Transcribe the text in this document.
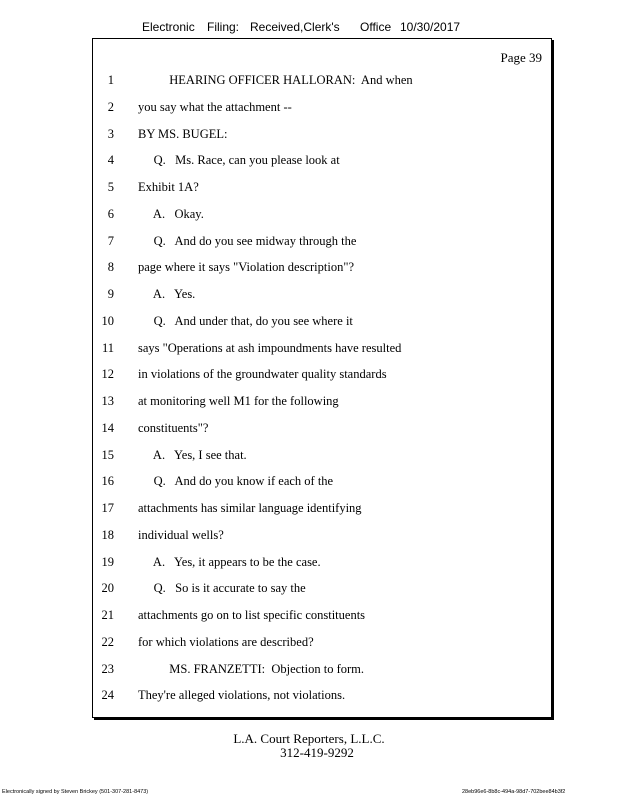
Electronic Filing: Received,Clerk's Office 10/30/2017
Page 39
1 HEARING OFFICER HALLORAN:  And when
2 you say what the attachment --
3 BY MS. BUGEL:
4 Q.   Ms. Race, can you please look at
5 Exhibit 1A?
6 A.   Okay.
7 Q.   And do you see midway through the
8 page where it says "Violation description"?
9 A.   Yes.
10 Q.   And under that, do you see where it
11 says "Operations at ash impoundments have resulted
12 in violations of the groundwater quality standards
13 at monitoring well M1 for the following
14 constituents"?
15 A.   Yes, I see that.
16 Q.   And do you know if each of the
17 attachments has similar language identifying
18 individual wells?
19 A.   Yes, it appears to be the case.
20 Q.   So is it accurate to say the
21 attachments go on to list specific constituents
22 for which violations are described?
23 MS. FRANZETTI:  Objection to form.
24 They're alleged violations, not violations.
L.A. Court Reporters, L.L.C.
312-419-9292
Electronically signed by Steven Brickey (501-307-281-8473)	28eb96e6-8b8c-494a-98d7-702bee84b3f2
